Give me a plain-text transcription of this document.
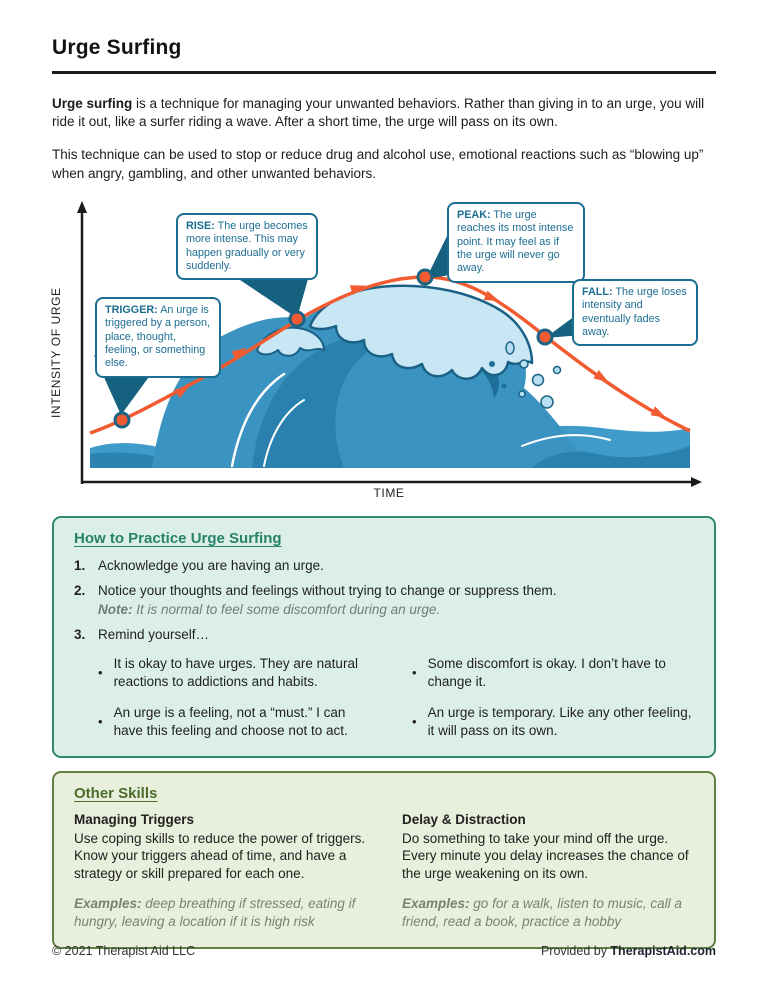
Urge Surfing

Urge surfing is a technique for managing your unwanted behaviors. Rather than giving in to an urge, you will ride it out, like a surfer riding a wave. After a short time, the urge will pass on its own.

This technique can be used to stop or reduce drug and alcohol use, emotional reactions such as “blowing up” when angry, gambling, and other unwanted behaviors.

TRIGGER: An urge is triggered by a person, place, thought, feeling, or something else.
RISE: The urge becomes more intense. This may happen gradually or very suddenly.
PEAK: The urge reaches its most intense point. It may feel as if the urge will never go away.
FALL: The urge loses intensity and eventually fades away.
INTENSITY OF URGE
TIME
How to Practice Urge Surfing
1. Acknowledge you are having an urge.
2. Notice your thoughts and feelings without trying to change or suppress them.
Note: It is normal to feel some discomfort during an urge.
3. Remind yourself…
•
It is okay to have urges. They are natural reactions to addictions and habits.
•
Some discomfort is okay. I don’t have to change it.
•
An urge is a feeling, not a “must.” I can have this feeling and choose not to act.
•
An urge is temporary. Like any other feeling, it will pass on its own.
Other Skills
Managing Triggers

Use coping skills to reduce the power of triggers. Know your triggers ahead of time, and have a strategy or skill prepared for each one.

Examples: deep breathing if stressed, eating if hungry, leaving a location if it is high risk

Delay & Distraction

Do something to take your mind off the urge. Every minute you delay increases the chance of the urge weakening on its own.

Examples: go for a walk, listen to music, call a friend, read a book, practice a hobby

© 2021 Therapist Aid LLC	Provided by TherapistAid.com
